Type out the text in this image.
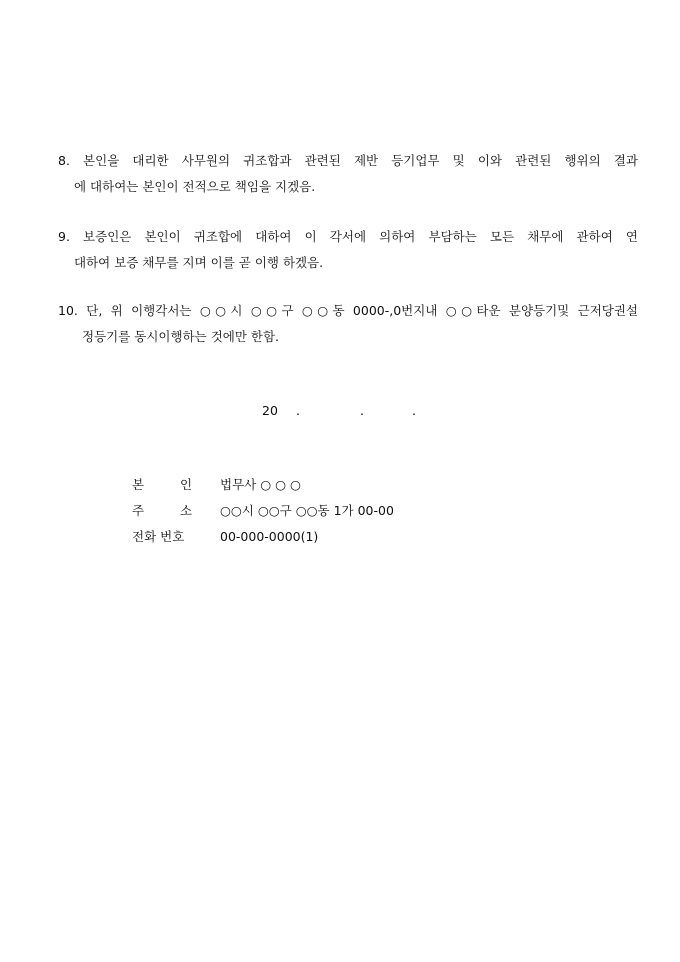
8. 본인을 대리한 사무원의 귀조합과 관련된 제반 등기업무 및 이와 관련된 행위의 결과
에 대하여는 본인이 전적으로 책임을 지겠음.
9. 보증인은 본인이 귀조합에 대하여 이 각서에 의하여 부담하는 모든 채무에 관하여 연
대하여 보증 채무를 지며 이를 곧 이행 하겠음.
10. 단, 위 이행각서는 ○○시 ○○구 ○○동 0000-,0번지내 ○○타운 분양등기및 근저당권설
정등기를 동시이행하는 것에만 한함.
20 .	.	.
본	인 법무사 ○ ○ ○
주	소 ○○시 ○○구 ○○동 1가 00-00
전화 번호	00-000-0000(1)
